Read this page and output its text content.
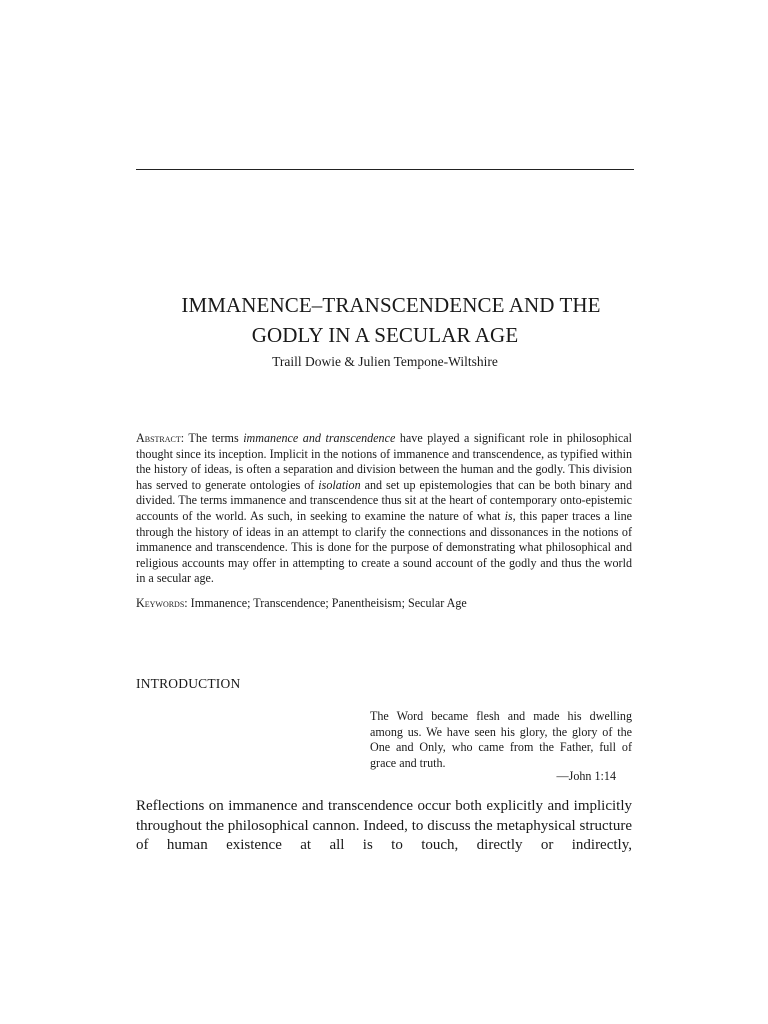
IMMANENCE–TRANSCENDENCE AND THE
GODLY IN A SECULAR AGE
Traill Dowie & Julien Tempone-Wiltshire
Abstract: The terms immanence and transcendence have played a significant role in philosophical thought since its inception. Implicit in the notions of immanence and transcendence, as typified within the history of ideas, is often a separation and division between the human and the godly. This division has served to generate ontologies of isolation and set up epistemologies that can be both binary and divided. The terms immanence and transcendence thus sit at the heart of contemporary onto-epistemic accounts of the world. As such, in seeking to examine the nature of what is, this paper traces a line through the history of ideas in an attempt to clarify the connections and dissonances in the notions of immanence and transcendence. This is done for the purpose of demonstrating what philosophical and religious accounts may offer in attempting to create a sound account of the godly and thus the world in a secular age.
Keywords: Immanence; Transcendence; Panentheisism; Secular Age
INTRODUCTION
The Word became flesh and made his dwelling among us. We have seen his glory, the glory of the One and Only, who came from the Father, full of grace and truth.
—John 1:14
Reflections on immanence and transcendence occur both explicitly and implicitly throughout the philosophical cannon. Indeed, to discuss the metaphysical structure of human existence at all is to touch, directly or indirectly,
